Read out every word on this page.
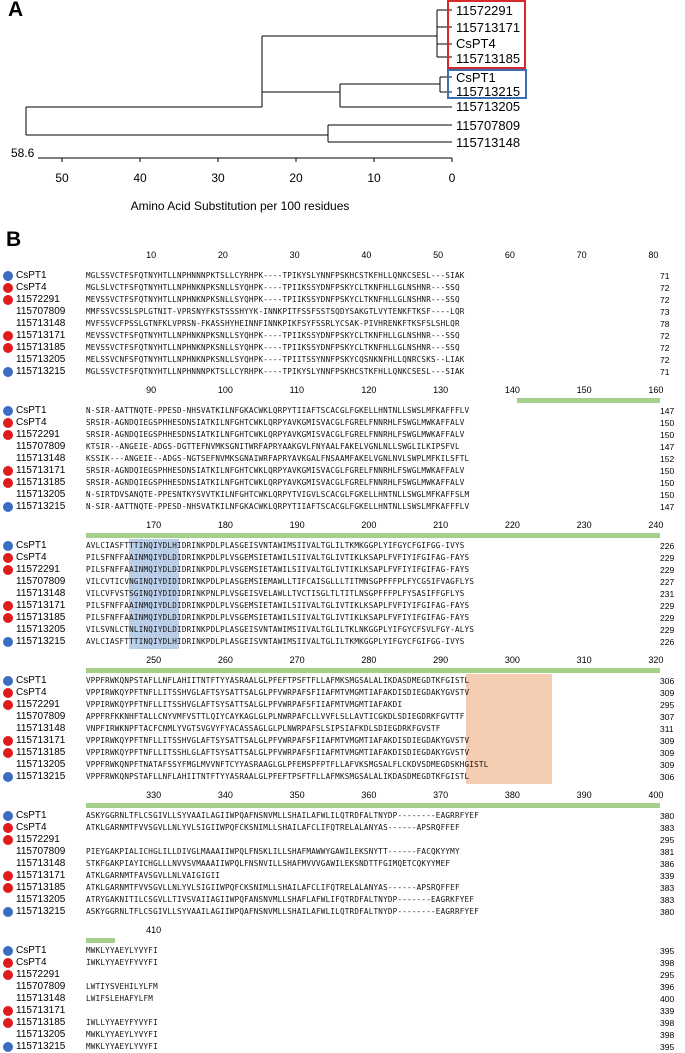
A	11572291
115713171
CsPT4
115713185
CsPT1
115713215
115713205
115707809
115713148
58.6
50	40	30	20	10	0
Amino Acid Substitution per 100 residues
B
10	20	30	40	50	60	70	80
CsPT1	MGLSSVCTFSFQTNYHTLLNPHNNNPKTSLLCYRHPK----TPIKYSLYNNFPSKHCSTKFHLLQNKCSESL---SIAK	71
CsPT4	MGLSLVCTFSFQTNYHTLLNPHNKNPKSNLLSYQHPK----TPIIKSSYDNFPSKYCLTKNFHLLGLNSHNR---SSQ	72
11572291	MEVSSVCTFSFQTNYHTLLNPHNKNPKSNLLSYQHPK----TPIIKSSYDNFPSKYCLTKNFHLLGLNSHNR---SSQ	72
115707809	MMFSSVCSSLSPLGTNIT-VPRSNYFKSTSSSHYYK-INNKPITFSSFSSTSQDYSAKGTLVYTENKFTKSF----LQR	73
115713148	MVFSSVCFPSSLGTNFKLVPRSN-FKASSHYHEINNFINNKPIKFSYFSSRLYCSAK-PIVHRENKFTKSFSLSHLQR	78
115713171	MEVSSVCTFSFQTNYHTLLNPHNKNPKSNLLSYQHPK----TPIIKSSYDNFPSKYCLTKNFHLLGLNSHNR---SSQ	72
115713185	MEVSSVCTFSFQTNYHTLLNPHNKNPKSNLLSYQHPK----TPIIKSSYDNFPSKYCLTKNFHLLGLNSHNR---SSQ	72
115713205	MELSSVCNFSFQTNYHTLLNPHNKNPKSNLLSYQHPK----TPIITSSYNNFPSKYCQSNKNFHLLQNRCSKS--LIAK	72
115713215	MGLSSVCTFSFQTNYHTLLNPHNNNPKTSLLCYRHPK----TPIKYSLYNNFPSKHCSTKFHLLQNKCSESL---SIAK	71
90	100	110	120	130	140	150	160
CsPT1	N-SIR-AATTNQTE-PPESD-NHSVATKILNFGKACWKLQRPYTIIAFTSCACGLFGKELLHNTNLLSWSLMFKAFFFLV	147
CsPT4	SRSIR-AGNDQIEGSPHHESDNSIATKILNFGHTCWKLQRPYAVKGMISVACGLFGRELFNNRHLFSWGLMWKAFFALV	150
11572291	SRSIR-AGNDQIEGSPHHESDNSIATKILNFGHTCWKLQRPYAVKGMISVACGLFGRELFNNRHLFSWGLMWKAFFALV	150
115707809	KTSIR--ANGEIE-ADGS-DGTTEFNVMKSGNITWRFAPRYAAKGVLFNYAALFAKELVGNLNLLSWGLILKIPSFVL	147
115713148	KSSIK---ANGEIE--ADGS-NGTSEFNVMKSGNAIWRFAPRYAVKGALFNSAAMFAKELVGNLNVLSWPLMFKILSFTL	152
115713171	SRSIR-AGNDQIEGSPHHESDNSIATKILNFGHTCWKLQRPYAVKGMISVACGLFGRELFNNRHLFSWGLMWKAFFALV	150
115713185	SRSIR-AGNDQIEGSPHHESDNSIATKILNFGHTCWKLQRPYAVKGMISVACGLFGRELFNNRHLFSWGLMWKAFFALV	150
115713205	N-SIRTDVSANQTE-PPESNTKYSVVTKILNFGHTCWKLQRPYTVIGVLSCACGLFGKELLHNTNLLSWGLMFKAFFSLM	150
115713215	N-SIR-AATTNQTE-PPESD-NHSVATKILNFGKACWKLQRPYTIIAFTSCACGLFGKELLHNTNLLSWSLMFKAFFFLV	147
170	180	190	200	210	220	230	240
CsPT1	AVLCIASFTTTINQIYDLHIDRINKPDLPLASGEISVNTAWIMSIIVALTGLILTKMKGGPLYIFGYCFGIFGG-IVYS	226
CsPT4	PILSFNFFAAINMQIYDLDIDRINKPDLPLVSGEMSIETAWILSIIVALTGLIVTIKLKSAPLFVFIYIFGIFAG-FAYS	229
11572291	PILSFNFFAAINMQIYDLDIDRINKPDLPLVSGEMSIETAWILSIIVALTGLIVTIKLKSAPLFVFIYIFGIFAG-FAYS	229
115707809	VILCVTICVNGINQIYDIDIDRINKPDLPLASGEMSIEMAWLLTIFCAISGLLLTITMNSGPFFFPLFYCGSIFVAGFLYS	227
115713148	VILCVFVSTSGINQIYDIDIDRINKPNLPLVSGEISVELAWLLTVCTISGLTLTITLNSGPFFFPLFYSASIFFGFLYS	231
115713171	PILSFNFFAAINMQIYDLDIDRINKPDLPLVSGEMSIETAWILSIIVALTGLIVTIKLKSAPLFVFIYIFGIFAG-FAYS	229
115713185	PILSFNFFAAINMQIYDLDIDRINKPDLPLVSGEMSIETAWILSIIVALTGLIVTIKLKSAPLFVFIYIFGIFAG-FAYS	229
115713205	VILSVNLCTNLINQIYDLDIDRINKPDLPLASGEISVNTAWIMSIIVALTGLILTKLNKGGPLYIFGYCFSVLFGY-ALYS	229
115713215	AVLCIASFTTTINQIYDLHIDRINKPDLPLASGEISVNTAWIMSIIVALTGLILTKMKGGPLYIFGYCFGIFGG-IVYS	226
250	260	270	280	290	300	310	320
CsPT1	VPPFRWKQNPSTAFLLNFLAHIITNTFTYYASRAALGLPFEFTPSFTFLLAFMKSMGSALALIKDASDMEGDTKFGISTL	306
CsPT4	VPPIRWKQYPFTNFLLITSSHVGLAFTSYSATTSALGLPFVWRPAFSFIIAFMTVMGMTIAFAKDISDIEGDAKYGVSTV	309
11572291	VPPIRWKQYPFTNFLLITSSHVGLAFTSYSATTSALGLPFVWRPAFSFIIAFMTVMGMTIAFAKDI	295
115707809	APPFRFKKNHFTALLCNYVMFVSTTLQIYCAYKAGLGLPLNWRPAFCLLVVFLSLLAVTICGKDLSDIEGDRKFGVTTF	307
115713148	VNPFIRWKNPFTACFCNMLYVGTSVGVYFYACASSAGLGLPLNWRPAFSLSIPSIAFKDLSDIEGDRKFGVSTF	311
115713171	VPPIRWKQYPFTNFLLITSSHVGLAFTSYSATTSALGLPFVWRPAFSFIIAFMTVMGMTIAFAKDISDIEGDAKYGVSTV	309
115713185	VPPIRWKQYPFTNFLLITSSHLGLAFTSYSATTSALGLPFVWRPAFSFIIAFMTVMGMTIAFAKDISDIEGDAKYGVSTV	309
115713205	VPPFRWKQNPFTNATAFSSYFMGLMVVNFTCYYASRAAGLGLPFEMSPFPTFLLAFVKSMGSALFLCKDVSDMEGDSKHGISTL	309
115713215	VPPFRWKQNPSTAFLLNFLAHIITNTFTYYASRAALGLPFEFTPSFTFLLAFMKSMGSALALIKDASDMEGDTKFGISTL	306
330	340	350	360	370	380	390	400
CsPT1	ASKYGGRNLTFLCSGIVLLSYVAAILAGIIWPQAFNSNVMLLSHAILAFWLILQTRDFALTNYDP--------EAGRRFYEF	380
CsPT4	ATKLGARNMTFVVSGVLLNLYVLSIGIIWPQFCKSNIMLLSHAILAFCLIFQTRELALANYAS------APSRQFFEF	383
11572291	295
115707809	PIEYGAKPIALICHGLILLDIVGLMAAAIIWPQLFNSKLILLSHAFMAWWYGAWILEKSNYTT------FACQKYYMY	381
115713148	STKFGAKPIAYICHGLLLNVVSVMAAAIIWPQLFNSNVILLSHAFMVVVGAWILEKSNDTTFGIMQETCQKYYMEF	386
115713171	ATKLGARNMTFAVSGVLLNLVAIGIGII	339
115713185	ATKLGARNMTFVVSGVLLNLYVLSIGIIWPQFCKSNIMLLSHAILAFCLIFQTRELALANYAS------APSRQFFEF	383
115713205	ATRYGAKNITILCSGVLLTIVSVAIIAGIIWPQFANSNVMLLSHAFLAFWLIFQTRDFALTNYDP-------EAGRKFYEF	383
115713215	ASKYGGRNLTFLCSGIVLLSYVAAILAGIIWPQAFNSNVMLLSHAILAFWLILQTRDFALTNYDP--------EAGRRFYEF	380
410
CsPT1	MWKLYYAEYLYVYFI	395
CsPT4	IWKLYYAEYFYVYFI	398
11572291	295
115707809	LWTIYSVEHILYLFM	396
115713148	LWIFSLEHAFYLFM	400
115713171	339
115713185	IWLLYYAEYFYVYFI	398
115713205	MWKLYYAEYLYVYFI	398
115713215	MWKLYYAEYLYVYFI	395
